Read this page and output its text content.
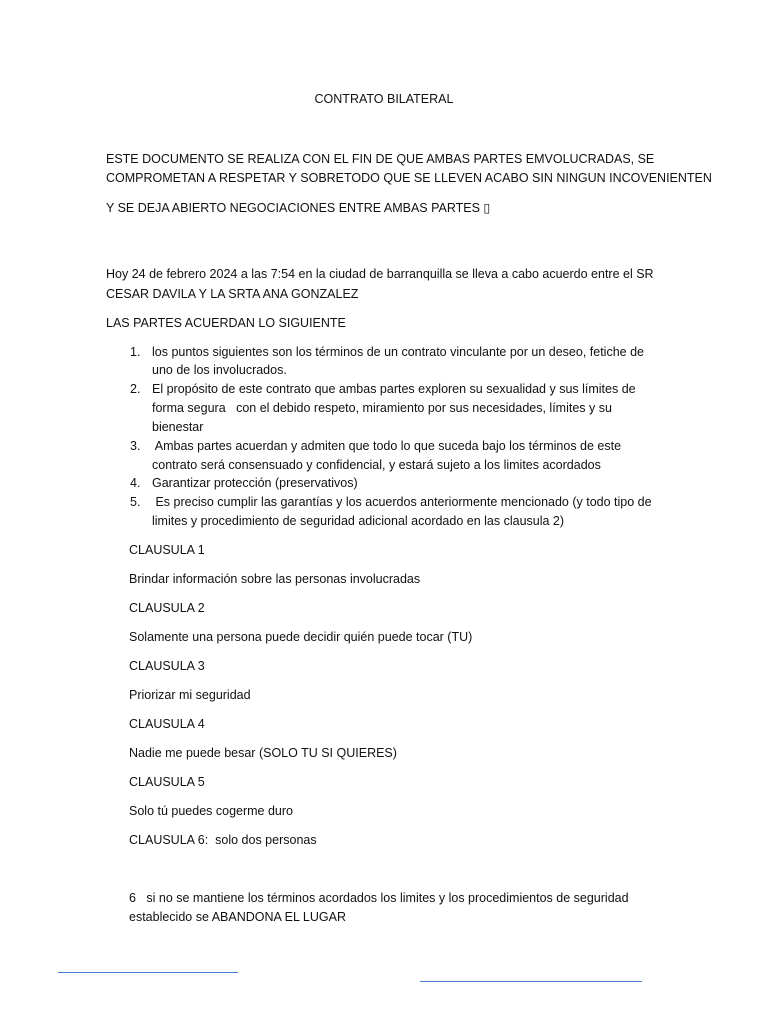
CONTRATO BILATERAL
ESTE DOCUMENTO SE REALIZA CON EL FIN DE QUE AMBAS PARTES EMVOLUCRADAS, SE
COMPROMETAN A RESPETAR Y SOBRETODO QUE SE LLEVEN ACABO SIN NINGUN INCOVENIENTEN
Y SE DEJA ABIERTO NEGOCIACIONES ENTRE AMBAS PARTES ▯
Hoy 24 de febrero 2024 a las 7:54 en la ciudad de barranquilla se lleva a cabo acuerdo entre el SR
CESAR DAVILA Y LA SRTA ANA GONZALEZ
LAS PARTES ACUERDAN LO SIGUIENTE
1. los puntos siguientes son los términos de un contrato vinculante por un deseo, fetiche de
uno de los involucrados.
2. El propósito de este contrato que ambas partes exploren su sexualidad y sus límites de
forma segura   con el debido respeto, miramiento por sus necesidades, límites y su
bienestar
3. Ambas partes acuerdan y admiten que todo lo que suceda bajo los términos de este
contrato será consensuado y confidencial, y estará sujeto a los limites acordados
4. Garantizar protección (preservativos)
5. Es preciso cumplir las garantías y los acuerdos anteriormente mencionado (y todo tipo de
limites y procedimiento de seguridad adicional acordado en las clausula 2)
CLAUSULA 1
Brindar información sobre las personas involucradas
CLAUSULA 2
Solamente una persona puede decidir quién puede tocar (TU)
CLAUSULA 3
Priorizar mi seguridad
CLAUSULA 4
Nadie me puede besar (SOLO TU SI QUIERES)
CLAUSULA 5
Solo tú puedes cogerme duro
CLAUSULA 6:  solo dos personas
6   si no se mantiene los términos acordados los limites y los procedimientos de seguridad
establecido se ABANDONA EL LUGAR
